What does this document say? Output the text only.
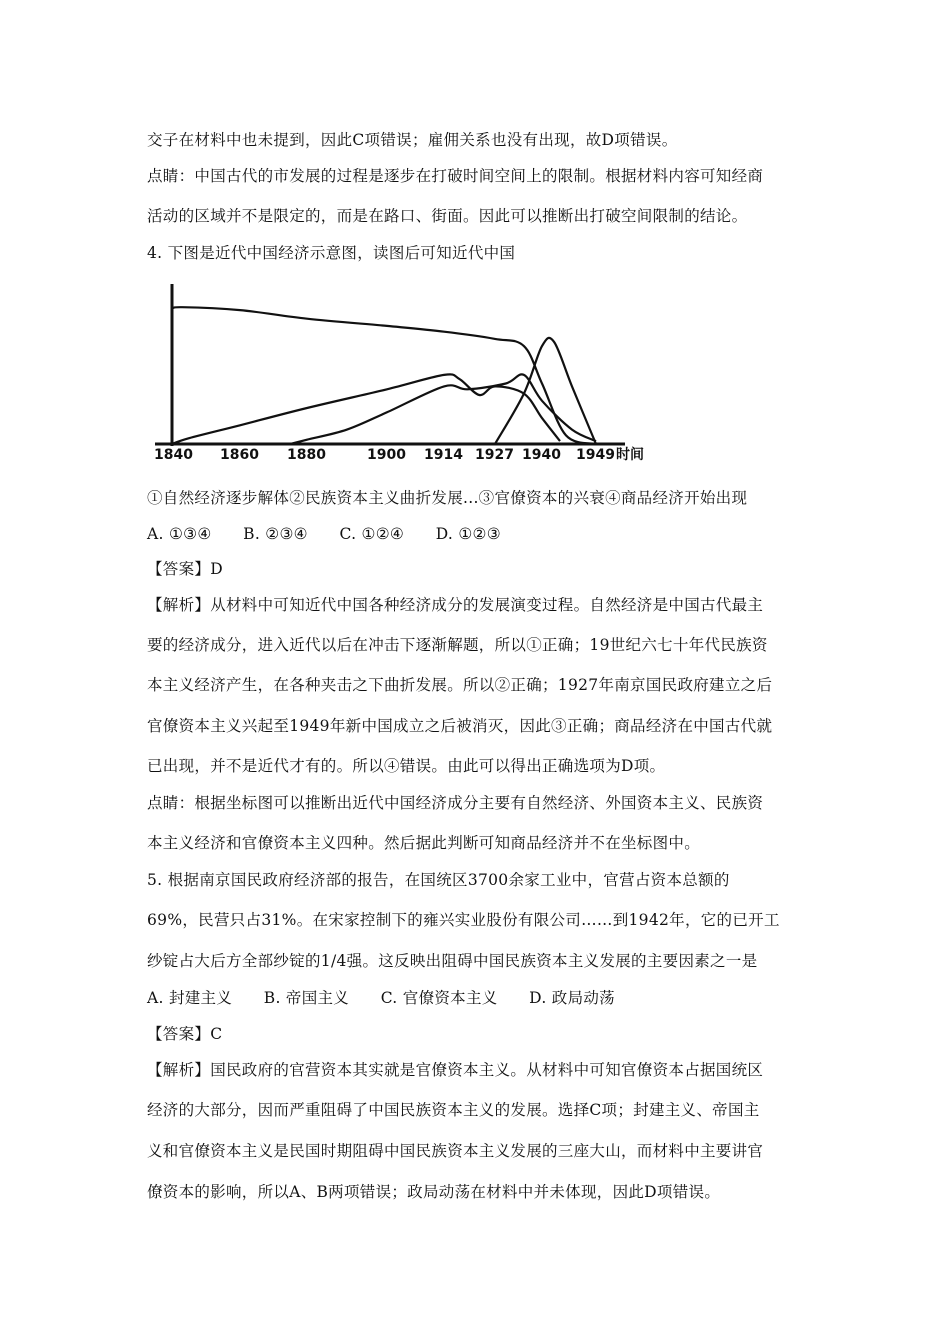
交子在材料中也未提到，因此C项错误；雇佣关系也没有出现，故D项错误。
点睛：中国古代的市发展的过程是逐步在打破时间空间上的限制。根据材料内容可知经商
活动的区域并不是限定的，而是在路口、街面。因此可以推断出打破空间限制的结论。
4. 下图是近代中国经济示意图，读图后可知近代中国
1840 1860 1880	1900 1914 1927 1940 1949 时间
①自然经济逐步解体②民族资本主义曲折发展...③官僚资本的兴衰④商品经济开始出现
A. ①③④　　B. ②③④　　C. ①②④　　D. ①②③
【答案】D
【解析】从材料中可知近代中国各种经济成分的发展演变过程。自然经济是中国古代最主
要的经济成分，进入近代以后在冲击下逐渐解题，所以①正确；19世纪六七十年代民族资
本主义经济产生，在各种夹击之下曲折发展。所以②正确；1927年南京国民政府建立之后
官僚资本主义兴起至1949年新中国成立之后被消灭，因此③正确；商品经济在中国古代就
已出现，并不是近代才有的。所以④错误。由此可以得出正确选项为D项。
点睛：根据坐标图可以推断出近代中国经济成分主要有自然经济、外国资本主义、民族资
本主义经济和官僚资本主义四种。然后据此判断可知商品经济并不在坐标图中。
5. 根据南京国民政府经济部的报告，在国统区3700余家工业中，官营占资本总额的
69%，民营只占31%。在宋家控制下的雍兴实业股份有限公司……到1942年，它的已开工
纱锭占大后方全部纱锭的1/4强。这反映出阻碍中国民族资本主义发展的主要因素之一是
A. 封建主义　　B. 帝国主义　　C. 官僚资本主义　　D. 政局动荡
【答案】C
【解析】国民政府的官营资本其实就是官僚资本主义。从材料中可知官僚资本占据国统区
经济的大部分，因而严重阻碍了中国民族资本主义的发展。选择C项；封建主义、帝国主
义和官僚资本主义是民国时期阻碍中国民族资本主义发展的三座大山，而材料中主要讲官
僚资本的影响，所以A、B两项错误；政局动荡在材料中并未体现，因此D项错误。
